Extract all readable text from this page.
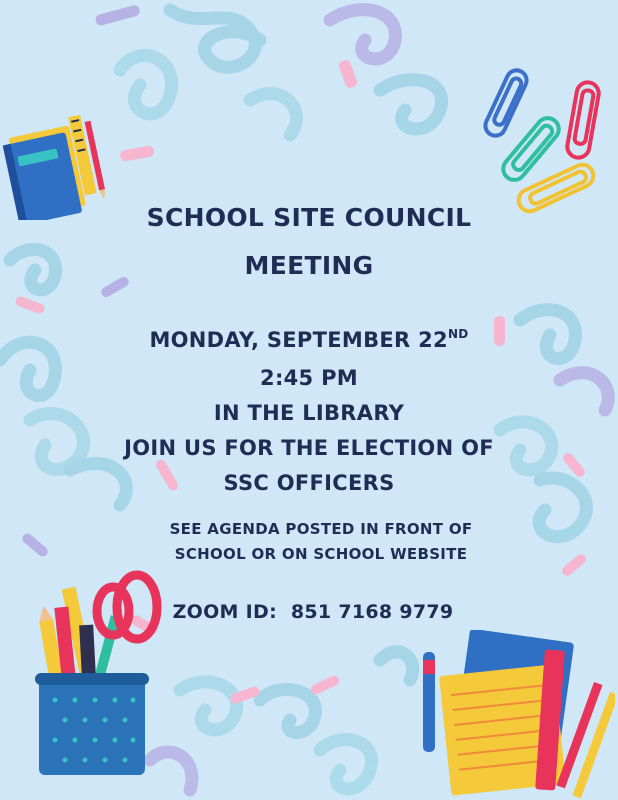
SCHOOL SITE COUNCIL
MEETING
MONDAY, SEPTEMBER 22ND
2:45 PM
IN THE LIBRARY
JOIN US FOR THE ELECTION OF
SSC OFFICERS
SEE AGENDA POSTED IN FRONT OF
SCHOOL OR ON SCHOOL WEBSITE
ZOOM ID: 851 7168 9779
